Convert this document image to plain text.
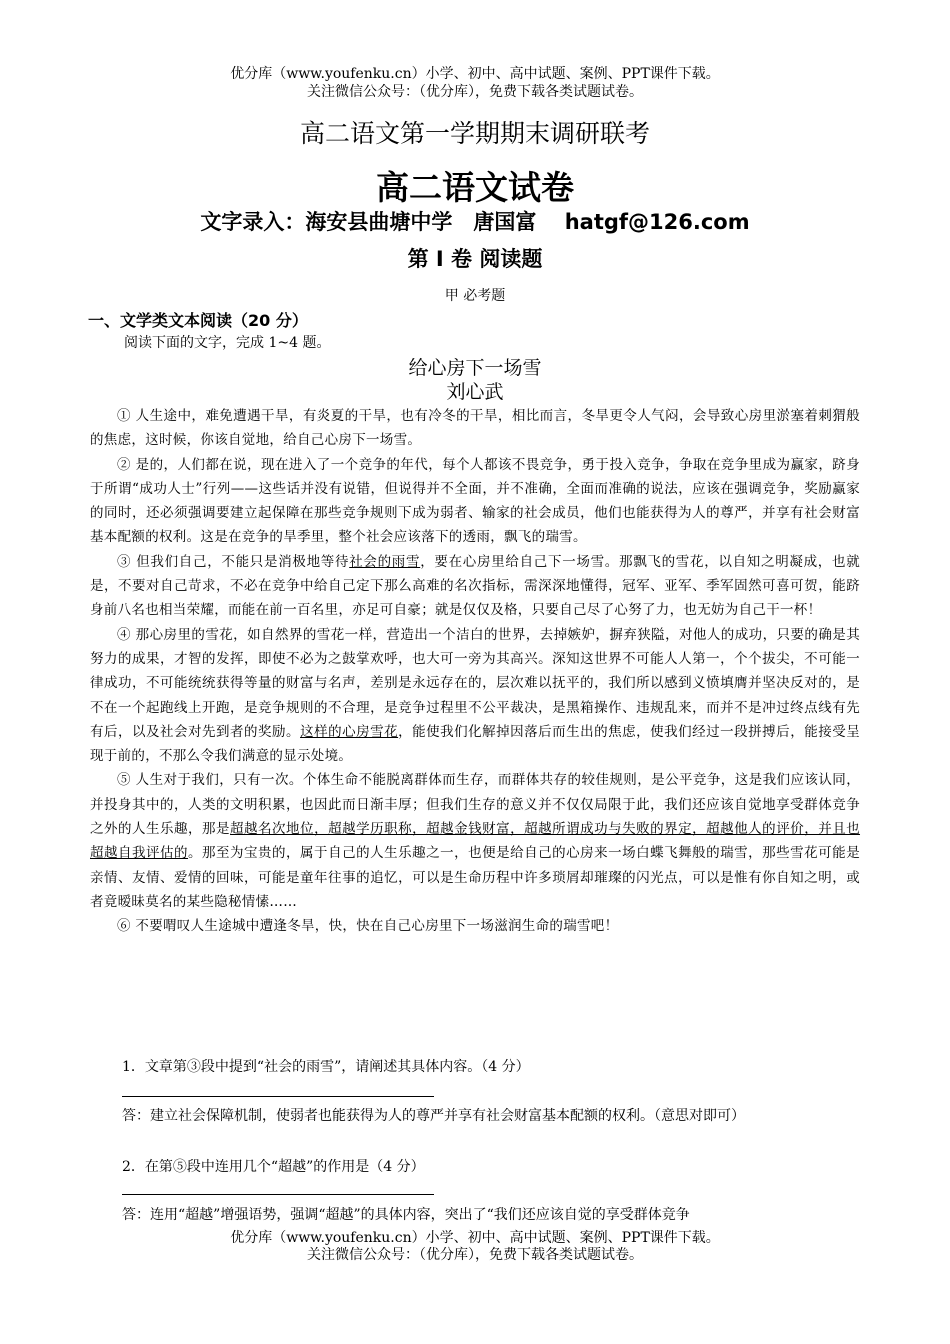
优分库（www.youfenku.cn）小学、初中、高中试题、案例、PPT课件下载。
关注微信公众号：（优分库），免费下载各类试题试卷。
高二语文第一学期期末调研联考
高二语文试卷
文字录入：海安县曲塘中学　唐国富　 hatgf@126.com
第 I 卷 阅读题
甲 必考题
一、文学类文本阅读（20 分）
阅读下面的文字，完成 1~4 题。
给心房下一场雪
刘心武

① 人生途中，难免遭遇干旱，有炎夏的干旱，也有冷冬的干旱，相比而言，冬旱更令人气闷，会导致心房里淤塞着刺猬般的焦虑，这时候，你该自觉地，给自己心房下一场雪。

② 是的，人们都在说，现在进入了一个竞争的年代，每个人都该不畏竞争，勇于投入竞争，争取在竞争里成为赢家，跻身于所谓“成功人士”行列——这些话并没有说错，但说得并不全面，并不准确，全面而准确的说法，应该在强调竞争，奖励赢家的同时，还必须强调要建立起保障在那些竞争规则下成为弱者、输家的社会成员，他们也能获得为人的尊严，并享有社会财富基本配额的权利。这是在竞争的旱季里，整个社会应该落下的透雨，飘飞的瑞雪。

③ 但我们自己，不能只是消极地等待社会的雨雪，要在心房里给自己下一场雪。那飘飞的雪花，以自知之明凝成，也就是，不要对自己苛求，不必在竞争中给自己定下那么高难的名次指标，需深深地懂得，冠军、亚军、季军固然可喜可贺，能跻身前八名也相当荣耀，而能在前一百名里，亦足可自豪；就是仅仅及格，只要自己尽了心努了力，也无妨为自己干一杯！

④ 那心房里的雪花，如自然界的雪花一样，营造出一个洁白的世界，去掉嫉妒，摒弃狭隘，对他人的成功，只要的确是其努力的成果，才智的发挥，即使不必为之鼓掌欢呼，也大可一旁为其高兴。深知这世界不可能人人第一，个个拔尖，不可能一律成功，不可能统统获得等量的财富与名声，差别是永远存在的，层次难以抚平的，我们所以感到义愤填膺并坚决反对的，是不在一个起跑线上开跑，是竞争规则的不合理，是竞争过程里不公平裁决，是黑箱操作、违规乱来，而并不是冲过终点线有先有后，以及社会对先到者的奖励。这样的心房雪花，能使我们化解掉因落后而生出的焦虑，使我们经过一段拼搏后，能接受呈现于前的，不那么令我们满意的显示处境。

⑤ 人生对于我们，只有一次。个体生命不能脱离群体而生存，而群体共存的较佳规则，是公平竞争，这是我们应该认同，并投身其中的，人类的文明积累，也因此而日渐丰厚；但我们生存的意义并不仅仅局限于此，我们还应该自觉地享受群体竞争之外的人生乐趣，那是超越名次地位，超越学历职称，超越金钱财富，超越所谓成功与失败的界定，超越他人的评价，并且也超越自我评估的。那至为宝贵的，属于自己的人生乐趣之一，也便是给自己的心房来一场白蝶飞舞般的瑞雪，那些雪花可能是亲情、友情、爱情的回味，可能是童年往事的追忆，可以是生命历程中许多琐屑却璀璨的闪光点，可以是惟有你自知之明，或者竟暧昧莫名的某些隐秘情愫……

⑥ 不要喟叹人生途城中遭逢冬旱，快，快在自己心房里下一场滋润生命的瑞雪吧！

1．文章第③段中提到“社会的雨雪”，请阐述其具体内容。（4 分）
答：建立社会保障机制，使弱者也能获得为人的尊严并享有社会财富基本配额的权利。（意思对即可）
2．在第⑤段中连用几个“超越”的作用是（4 分）
答：连用“超越”增强语势，强调“超越”的具体内容，突出了“我们还应该自觉的享受群体竞争
优分库（www.youfenku.cn）小学、初中、高中试题、案例、PPT课件下载。
关注微信公众号：（优分库），免费下载各类试题试卷。
